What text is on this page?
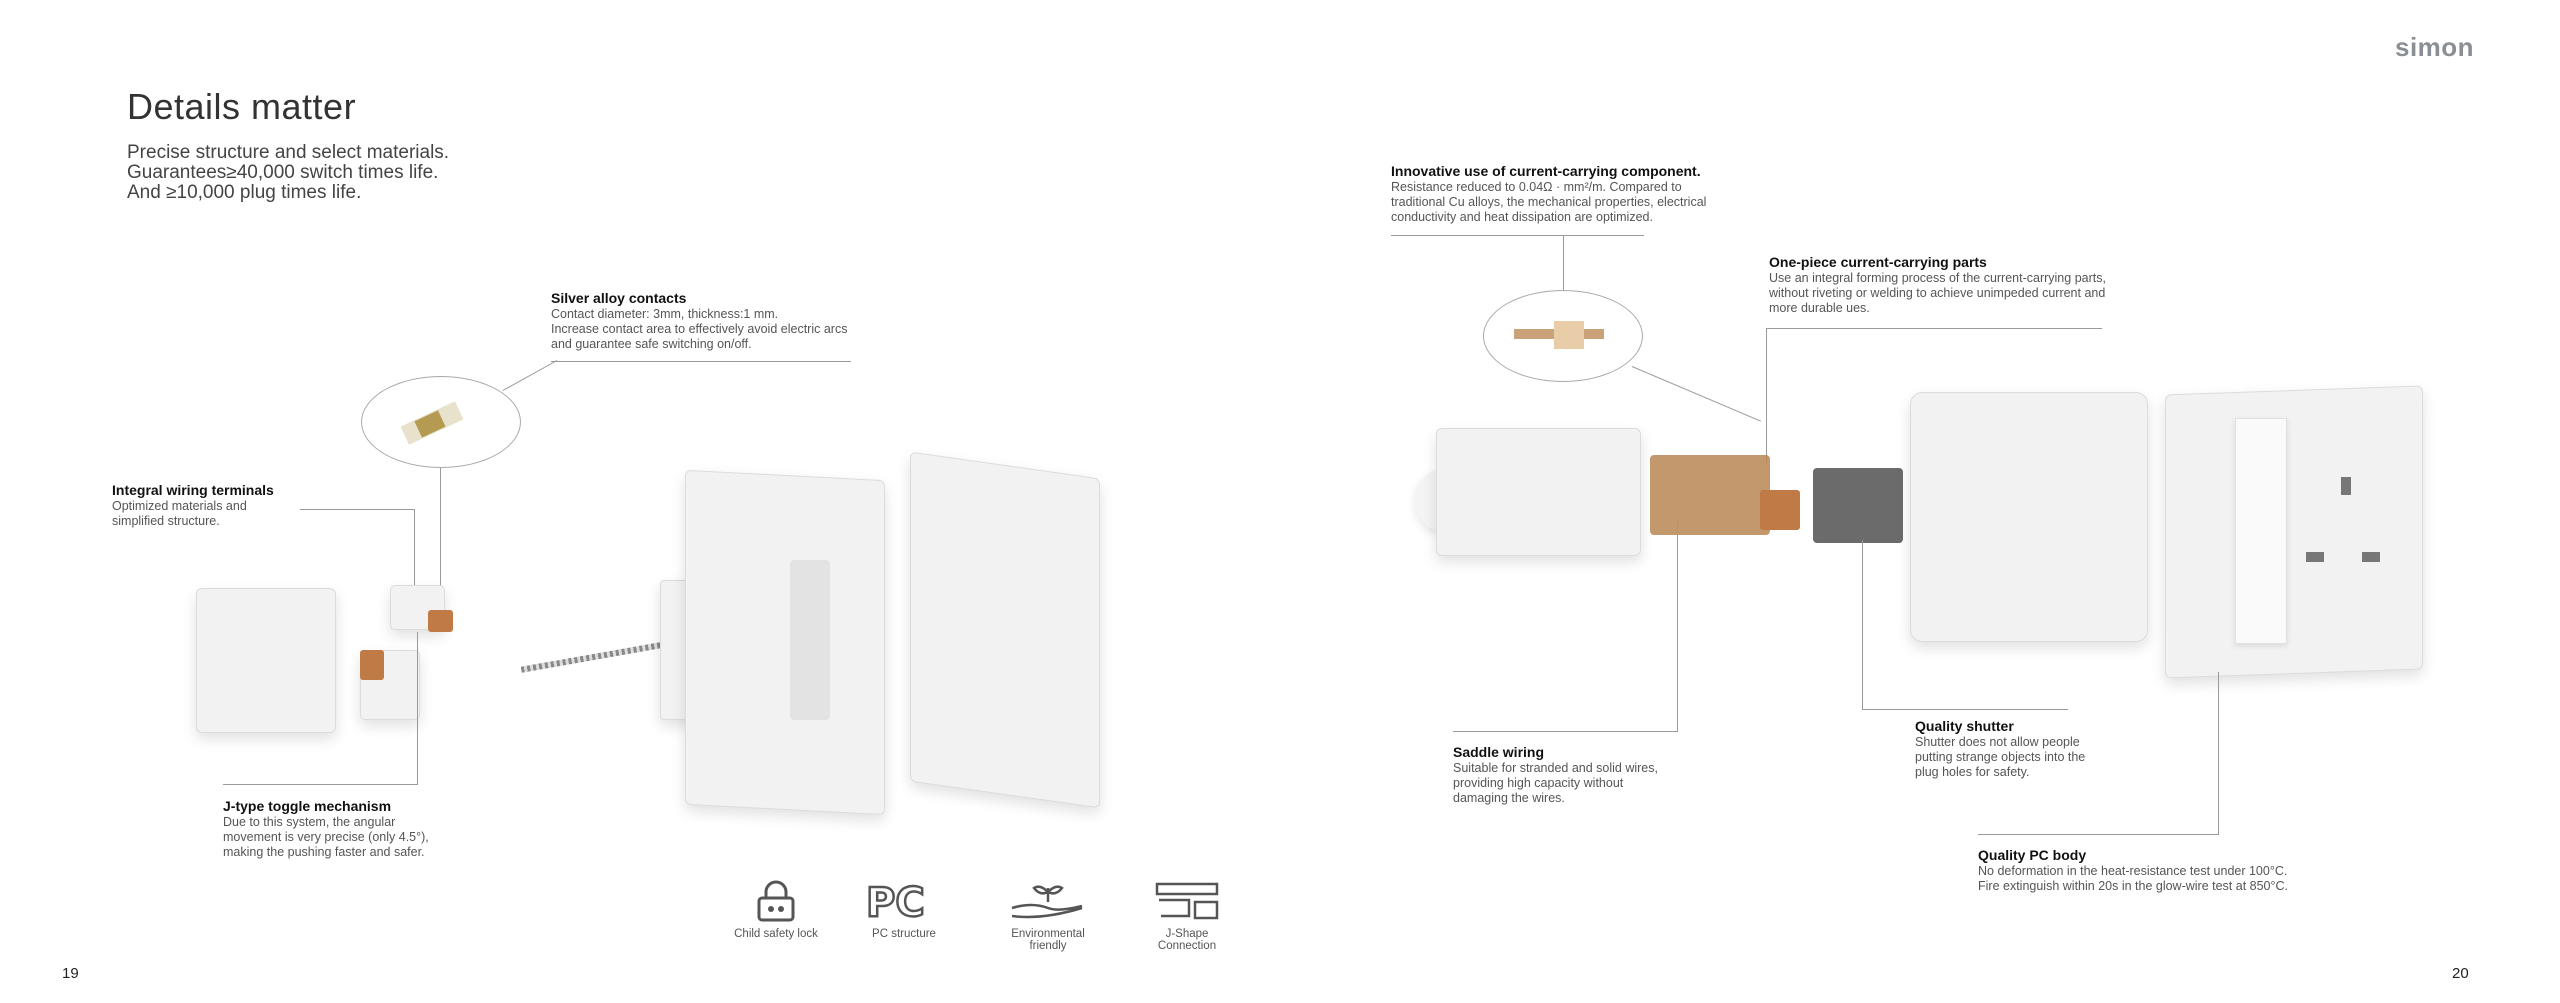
Details matter
Precise structure and select materials.
Guarantees≥40,000 switch times life.
And ≥10,000 plug times life.
simon
Silver alloy contacts

Contact diameter: 3mm, thickness:1 mm.

Increase contact area to effectively avoid electric arcs

and guarantee safe switching on/off.

Integral wiring terminals

Optimized materials and

simplified structure.

J-type toggle mechanism

Due to this system, the angular

movement is very precise (only 4.5°),

making the pushing faster and safer.

Child safety lock
PC
PC structure	Environmental
friendly
J-Shape
Connection
19
Innovative use of current-carrying component.

Resistance reduced to 0.04Ω · mm²/m. Compared to

traditional Cu alloys, the mechanical properties, electrical

conductivity and heat dissipation are optimized.

One-piece current-carrying parts

Use an integral forming process of the current-carrying parts,

without riveting or welding to achieve unimpeded current and

more durable ues.

Saddle wiring

Suitable for stranded and solid wires,

providing high capacity without

damaging the wires.

Quality shutter

Shutter does not allow people

putting strange objects into the

plug holes for safety.

Quality PC body

No deformation in the heat-resistance test under 100°C.

Fire extinguish within 20s in the glow-wire test at 850°C.

20
